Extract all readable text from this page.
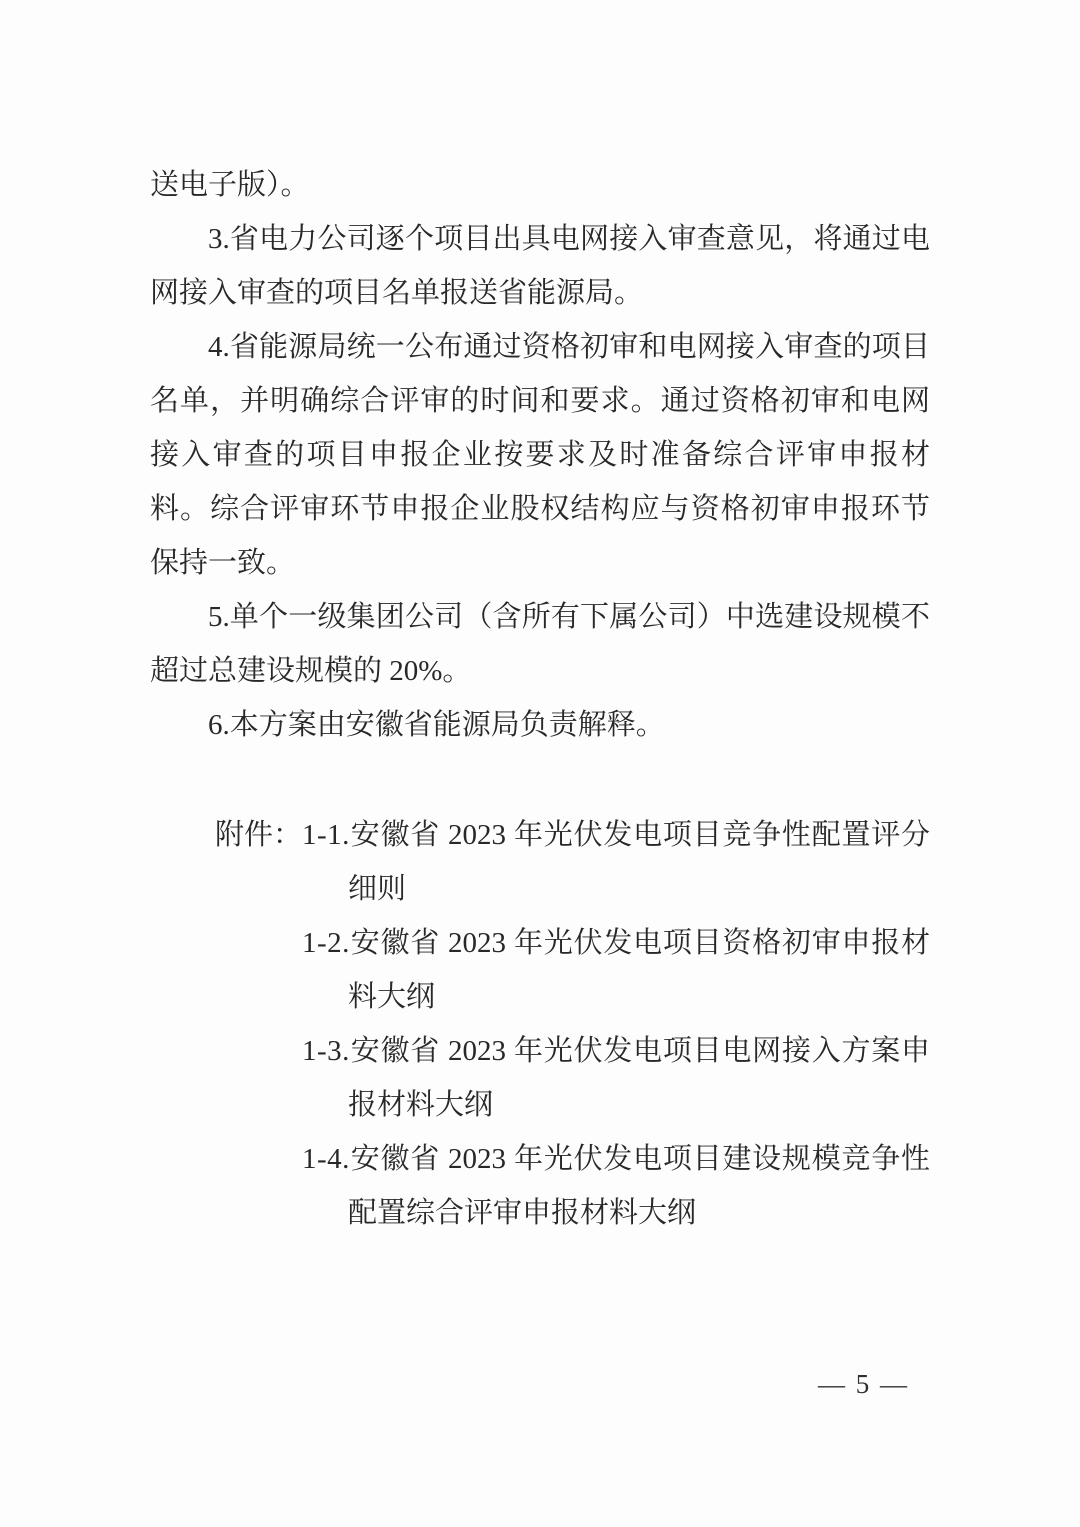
送电子版）。

3.省电力公司逐个项目出具电网接入审查意见，将通过电网接入审查的项目名单报送省能源局。

4.省能源局统一公布通过资格初审和电网接入审查的项目名单，并明确综合评审的时间和要求。通过资格初审和电网接入审查的项目申报企业按要求及时准备综合评审申报材料。综合评审环节申报企业股权结构应与资格初审申报环节保持一致。

5.单个一级集团公司（含所有下属公司）中选建设规模不超过总建设规模的 20%。

6.本方案由安徽省能源局负责解释。

附件： 1-1.安徽省 2023 年光伏发电项目竞争性配置评分细则
1-2.安徽省 2023 年光伏发电项目资格初审申报材料大纲
1-3.安徽省 2023 年光伏发电项目电网接入方案申报材料大纲
1-4.安徽省 2023 年光伏发电项目建设规模竞争性配置综合评审申报材料大纲
— 5 —
